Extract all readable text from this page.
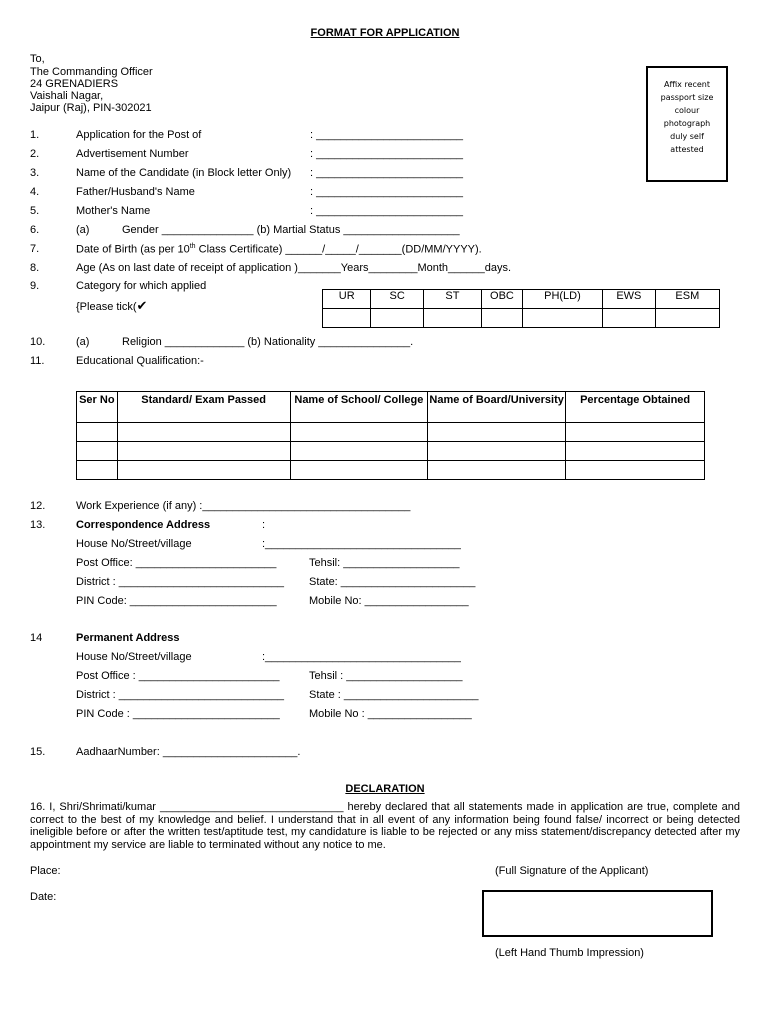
FORMAT FOR APPLICATION
To,
The Commanding Officer
24 GRENADIERS
Vaishali Nagar,
Jaipur (Raj), PIN-302021
Affix recent
passport size
colour
photograph
duly self
attested
1.	Application for the Post of	: ________________________
2.	Advertisement Number	: ________________________
3.	Name of the Candidate (in Block letter Only) : ________________________
4.	Father/Husband's Name	: ________________________
5.	Mother's Name	: ________________________
6.	(a)	Gender _______________ (b) Martial Status ___________________
7.	Date of Birth (as per 10th Class Certificate) ______/_____/_______(DD/MM/YYYY).
8.	Age (As on last date of receipt of application )_______Years________Month______days.
9.	Category for which applied
{Please tick(✔
UR	SC	ST	OBC	PH(LD)	EWS	ESM

10.	(a)	Religion _____________ (b) Nationality _______________.
11.	Educational Qualification:-
Ser No	Standard/ Exam Passed	Name of School/ College	Name of Board/University	Percentage Obtained

12.	Work Experience (if any) :__________________________________
13.	Correspondence Address	:
House No/Street/village	:________________________________
Post Office: _______________________	Tehsil: ___________________
District : ___________________________ State: ______________________
PIN Code: ________________________	Mobile No: _________________
14	Permanent Address
House No/Street/village	:________________________________
Post Office : _______________________	Tehsil : ___________________
District : ___________________________ State : ______________________
PIN Code : ________________________	Mobile No : _________________
15.	AadhaarNumber: ______________________.
DECLARATION
16. I, Shri/Shrimati/kumar ______________________________ hereby declared that all statements made in application are true, complete and correct to the best of my knowledge and belief. I understand that in all event of any information being found false/ incorrect or being detected ineligible before or after the written test/aptitude test, my candidature is liable to be rejected or any miss statement/discrepancy detected after my appointment my service are liable to terminated without any notice to me.
Place:	(Full Signature of the Applicant)
Date:
(Left Hand Thumb Impression)
